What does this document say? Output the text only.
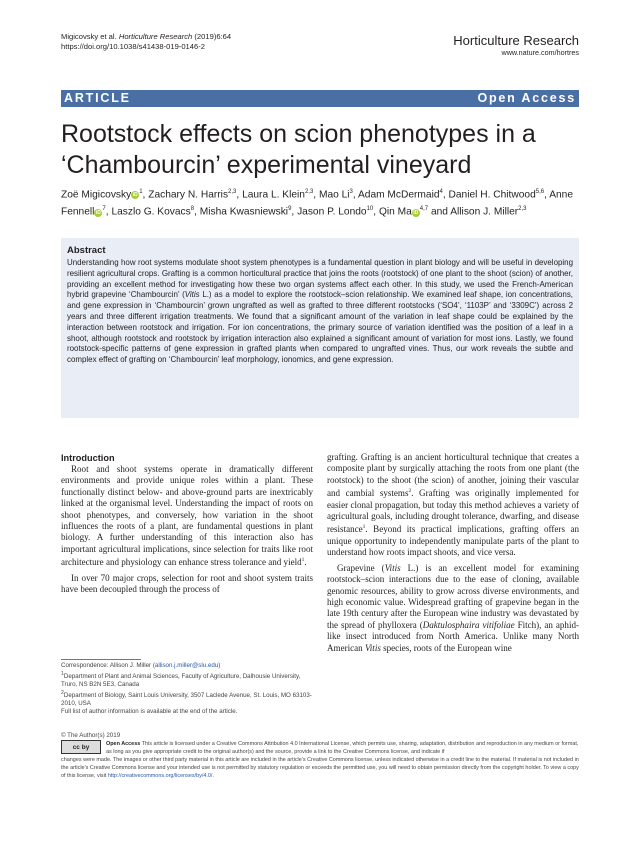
Migicovsky et al. Horticulture Research (2019)6:64
https://doi.org/10.1038/s41438-019-0146-2	Horticulture Research
www.nature.com/hortres
ARTICLE	Open Access
Rootstock effects on scion phenotypes in a ‘Chambourcin’ experimental vineyard
Zoë Migicovsky $iD^1$, Zachary N. Harris$^{2,3}$, Laura L. Klein$^{2,3}$, Mao Li$^3$, Adam McDermaid$^4$, Daniel H. Chitwood$^{5,6}$, Anne Fennell $iD^7$, Laszlo G. Kovacs$^8$, Misha Kwasniewski$^9$, Jason P. Londo$^{10}$, Qin Ma iD$^{4,7}$ and Allison J. Miller$^{2,3}$
Abstract

Understanding how root systems modulate shoot system phenotypes is a fundamental question in plant biology and will be useful in developing resilient agricultural crops. Grafting is a common horticultural practice that joins the roots (rootstock) of one plant to the shoot (scion) of another, providing an excellent method for investigating how these two organ systems affect each other. In this study, we used the French-American hybrid grapevine ‘Chambourcin’ (Vitis L.) as a model to explore the rootstock–scion relationship. We examined leaf shape, ion concentrations, and gene expression in ‘Chambourcin’ grown ungrafted as well as grafted to three different rootstocks (‘SO4’, ‘1103P’ and ‘3309C’) across 2 years and three different irrigation treatments. We found that a significant amount of the variation in leaf shape could be explained by the interaction between rootstock and irrigation. For ion concentrations, the primary source of variation identified was the position of a leaf in a shoot, although rootstock and rootstock by irrigation interaction also explained a significant amount of variation for most ions. Lastly, we found rootstock-specific patterns of gene expression in grafted plants when compared to ungrafted vines. Thus, our work reveals the subtle and complex effect of grafting on ‘Chambourcin’ leaf morphology, ionomics, and gene expression.

Introduction

Root and shoot systems operate in dramatically different environments and provide unique roles within a plant. These functionally distinct below- and above-ground parts are inextricably linked at the organismal level. Understanding the impact of roots on shoot phenotypes, and conversely, how variation in the shoot influences the roots of a plant, are fundamental questions in plant biology. A further understanding of this interaction also has important agricultural implications, since selection for traits like root architecture and physiology can enhance stress tolerance and yield$^1$.

In over 70 major crops, selection for root and shoot system traits have been decoupled through the process of

grafting. Grafting is an ancient horticultural technique that creates a composite plant by surgically attaching the roots from one plant (the rootstock) to the shoot (the scion) of another, joining their vascular and cambial systems$^2$. Grafting was originally implemented for easier clonal propagation, but today this method achieves a variety of agricultural goals, including drought tolerance, dwarfing, and disease resistance$^1$. Beyond its practical implications, grafting offers an unique opportunity to independently manipulate parts of the plant to understand how roots impact shoots, and vice versa.

Grapevine (Vitis L.) is an excellent model for examining rootstock–scion interactions due to the ease of cloning, available genomic resources, ability to grow across diverse environments, and high economic value. Widespread grafting of grapevine began in the late 19th century after the European wine industry was devastated by the spread of phylloxera (Daktulosphaira vitifoliae Fitch), an aphid-like insect introduced from North America. Unlike many North American Vitis species, roots of the European wine

Correspondence: Allison J. Miller (allison.j.miller@slu.edu)
$^1$Department of Plant and Animal Sciences, Faculty of Agriculture, Dalhousie University, Truro, NS B2N 5E3, Canada
$^2$Department of Biology, Saint Louis University, 3507 Laclede Avenue, St. Louis, MO 63103-2010, USA
Full list of author information is available at the end of the article.
© The Author(s) 2019
cc by	Open Access This article is licensed under a Creative Commons Attribution 4.0 International License, which permits use, sharing, adaptation, distribution and reproduction in any medium or format, as long as you give appropriate credit to the original author(s) and the source, provide a link to the Creative Commons license, and indicate if
changes were made. The images or other third party material in this article are included in the article’s Creative Commons license, unless indicated otherwise in a credit line to the material. If material is not included in the article’s Creative Commons license and your intended use is not permitted by statutory regulation or exceeds the permitted use, you will need to obtain permission directly from the copyright holder. To view a copy of this license, visit http://creativecommons.org/licenses/by/4.0/.
